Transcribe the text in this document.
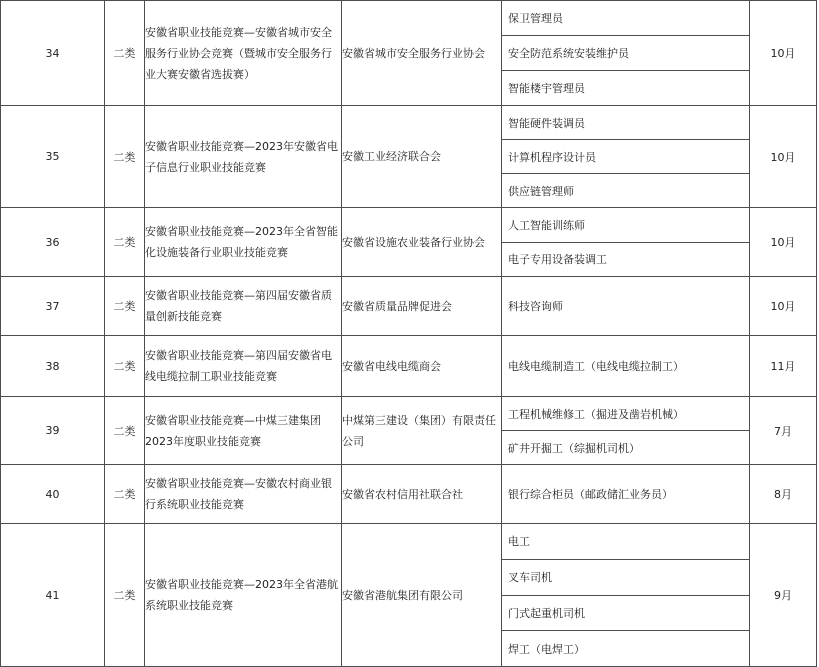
34	二类	安徽省职业技能竞赛—安徽省城市安全服务行业协会竞赛（暨城市安全服务行业大赛安徽省选拔赛）	安徽省城市安全服务行业协会	保卫管理员
安全防范系统安装维护员
智能楼宇管理员	10月
35	二类	安徽省职业技能竞赛—2023年安徽省电子信息行业职业技能竞赛	安徽工业经济联合会	智能硬件装调员
计算机程序设计员
供应链管理师	10月
36	二类	安徽省职业技能竞赛—2023年全省智能化设施装备行业职业技能竞赛	安徽省设施农业装备行业协会	人工智能训练师
电子专用设备装调工	10月
37	二类	安徽省职业技能竞赛—第四届安徽省质量创新技能竞赛	安徽省质量品牌促进会	科技咨询师	10月
38	二类	安徽省职业技能竞赛—第四届安徽省电线电缆拉制工职业技能竞赛	安徽省电线电缆商会	电线电缆制造工（电线电缆拉制工）	11月
39	二类	安徽省职业技能竞赛—中煤三建集团2023年度职业技能竞赛	中煤第三建设（集团）有限责任公司	工程机械维修工（掘进及凿岩机械）
矿井开掘工（综掘机司机）	7月
40	二类	安徽省职业技能竞赛—安徽农村商业银行系统职业技能竞赛	安徽省农村信用社联合社	银行综合柜员（邮政储汇业务员）	8月
41	二类	安徽省职业技能竞赛—2023年全省港航系统职业技能竞赛	安徽省港航集团有限公司	电工
叉车司机
门式起重机司机
焊工（电焊工）	9月
